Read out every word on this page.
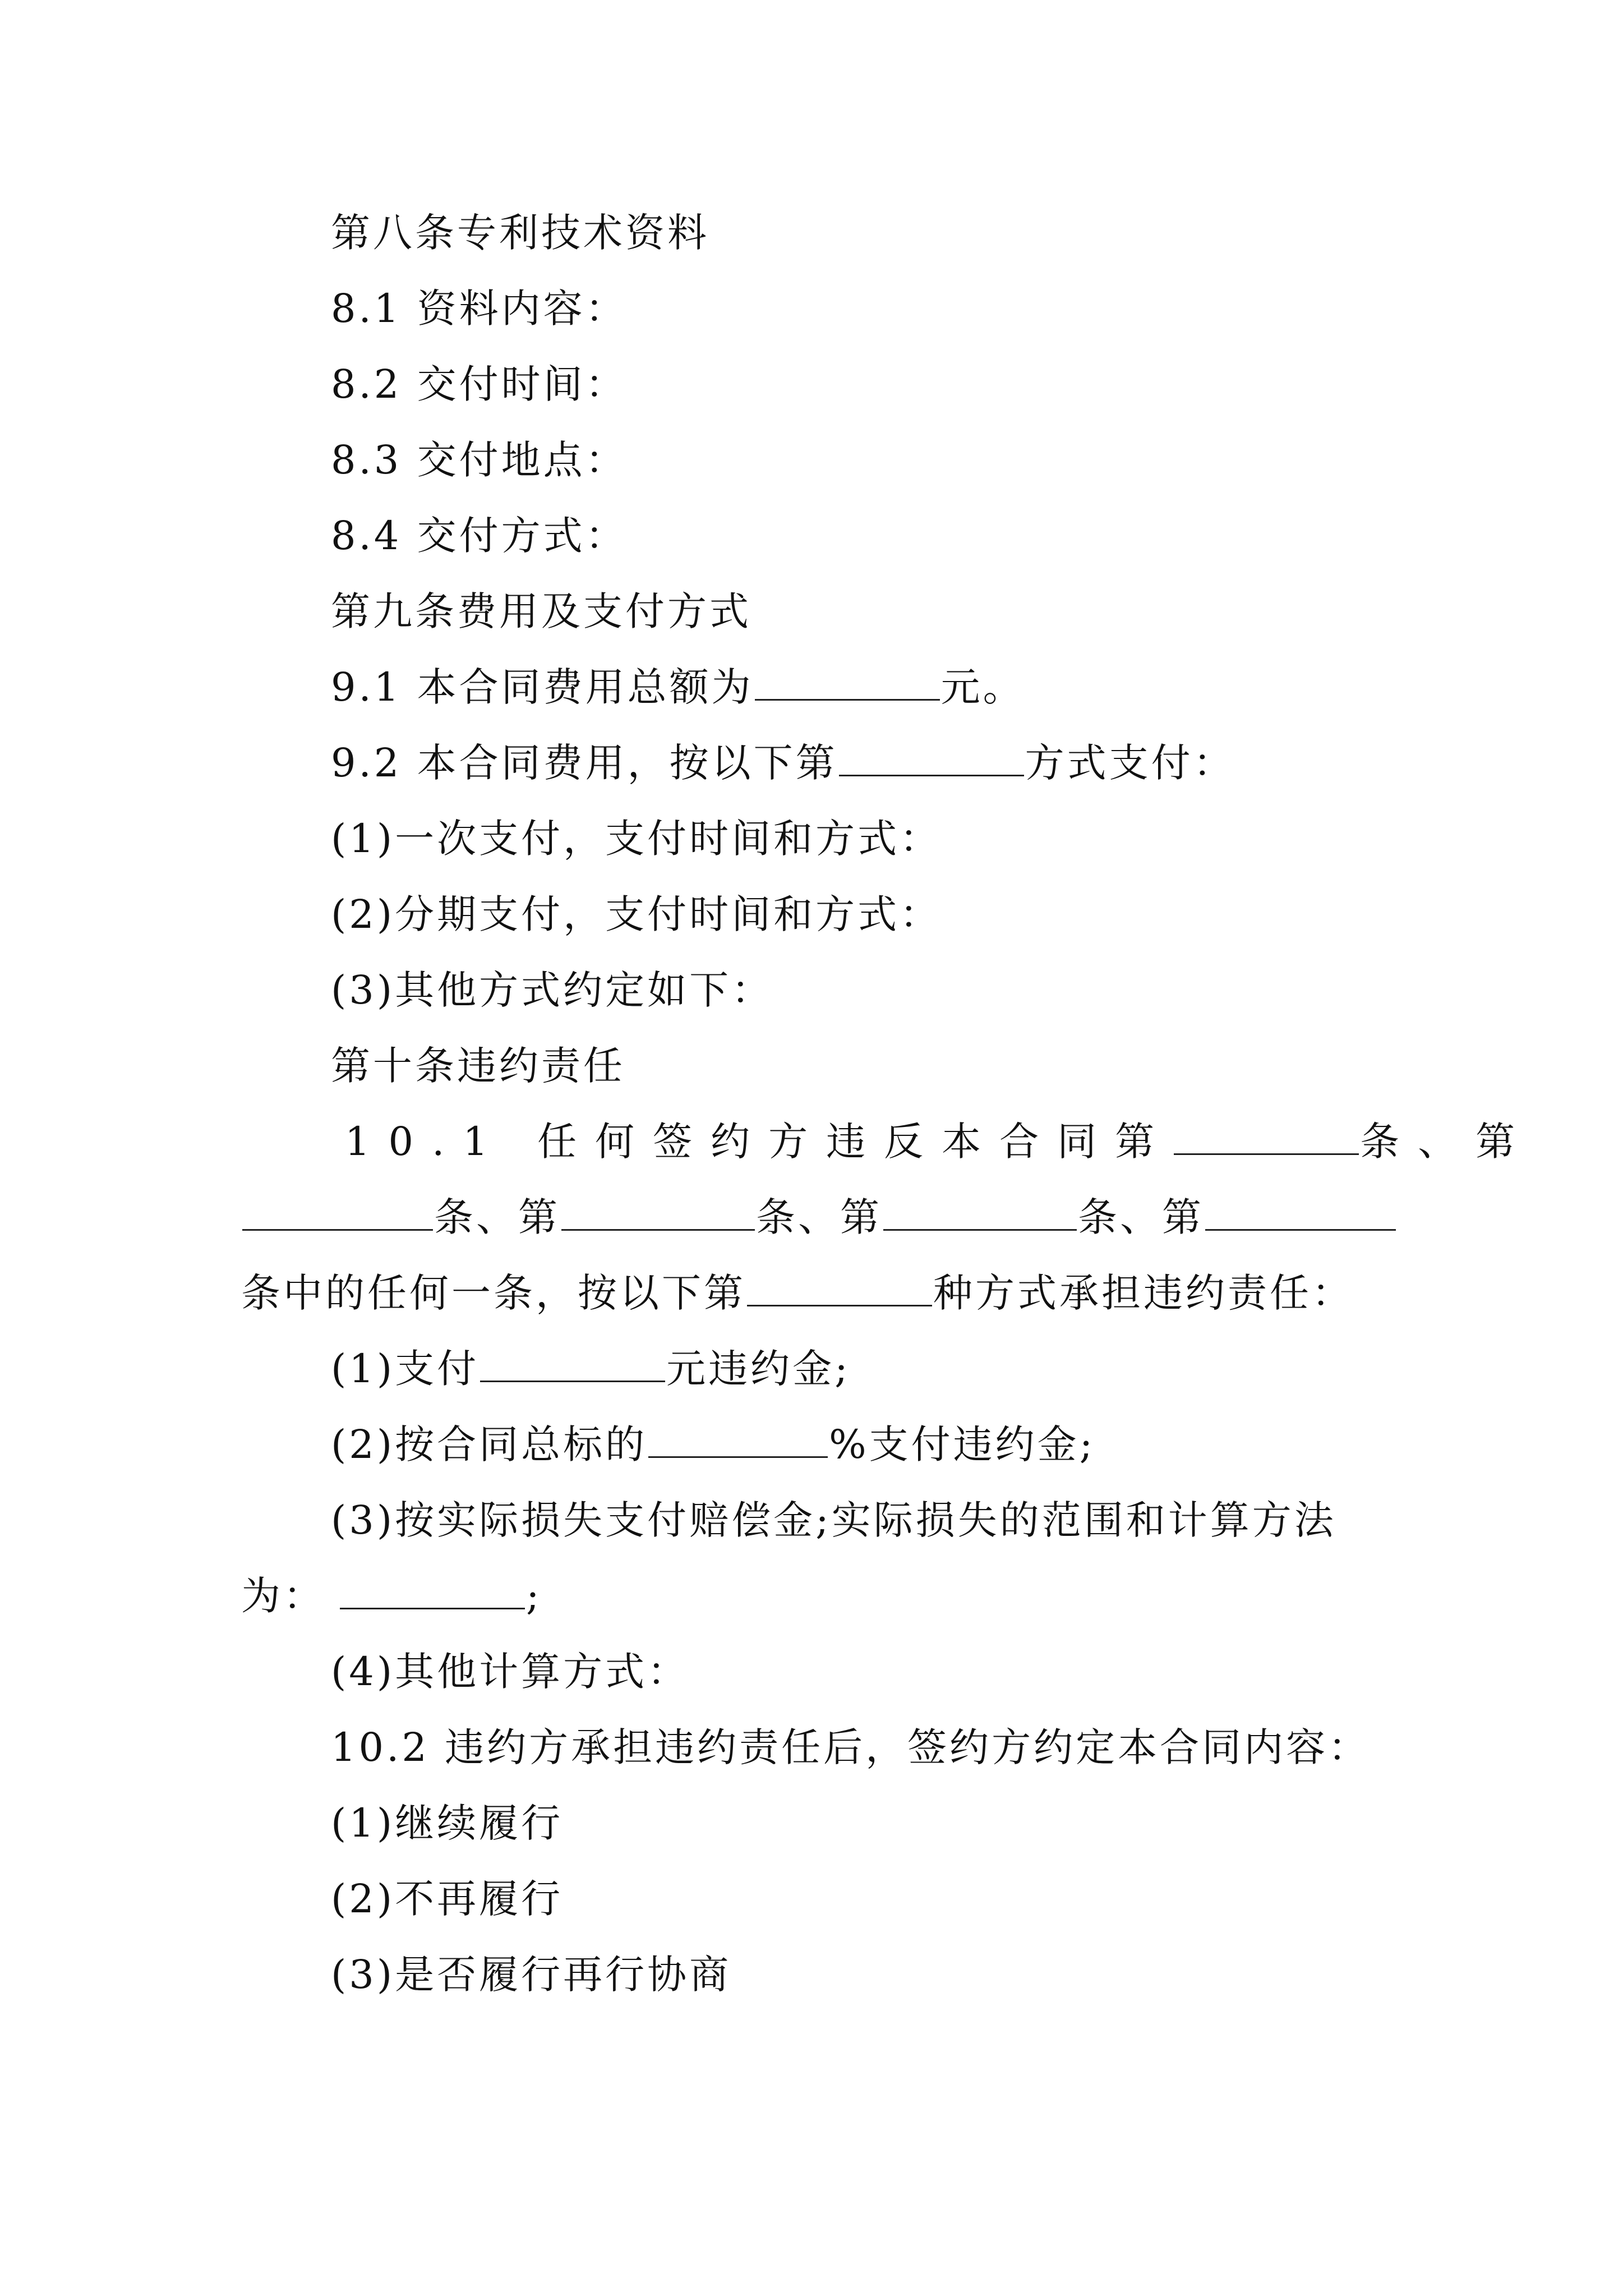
第八条专利技术资料
8.1 资料内容：
8.2 交付时间：
8.3 交付地点：
8.4 交付方式：
第九条费用及支付方式
9.1 本合同费用总额为	元。
9.2 本合同费用，按以下第	方式支付：
(1)一次支付，支付时间和方式：
(2)分期支付，支付时间和方式：
(3)其他方式约定如下：
第十条违约责任
10.1 任何签约方违反本合同第	条、第
条、第	条、第	条、第
条中的任何一条，按以下第	种方式承担违约责任：
(1)支付	元违约金;
(2)按合同总标的	%支付违约金;
(3)按实际损失支付赔偿金;实际损失的范围和计算方法
为：	;
(4)其他计算方式：
10.2 违约方承担违约责任后，签约方约定本合同内容：
(1)继续履行
(2)不再履行
(3)是否履行再行协商
